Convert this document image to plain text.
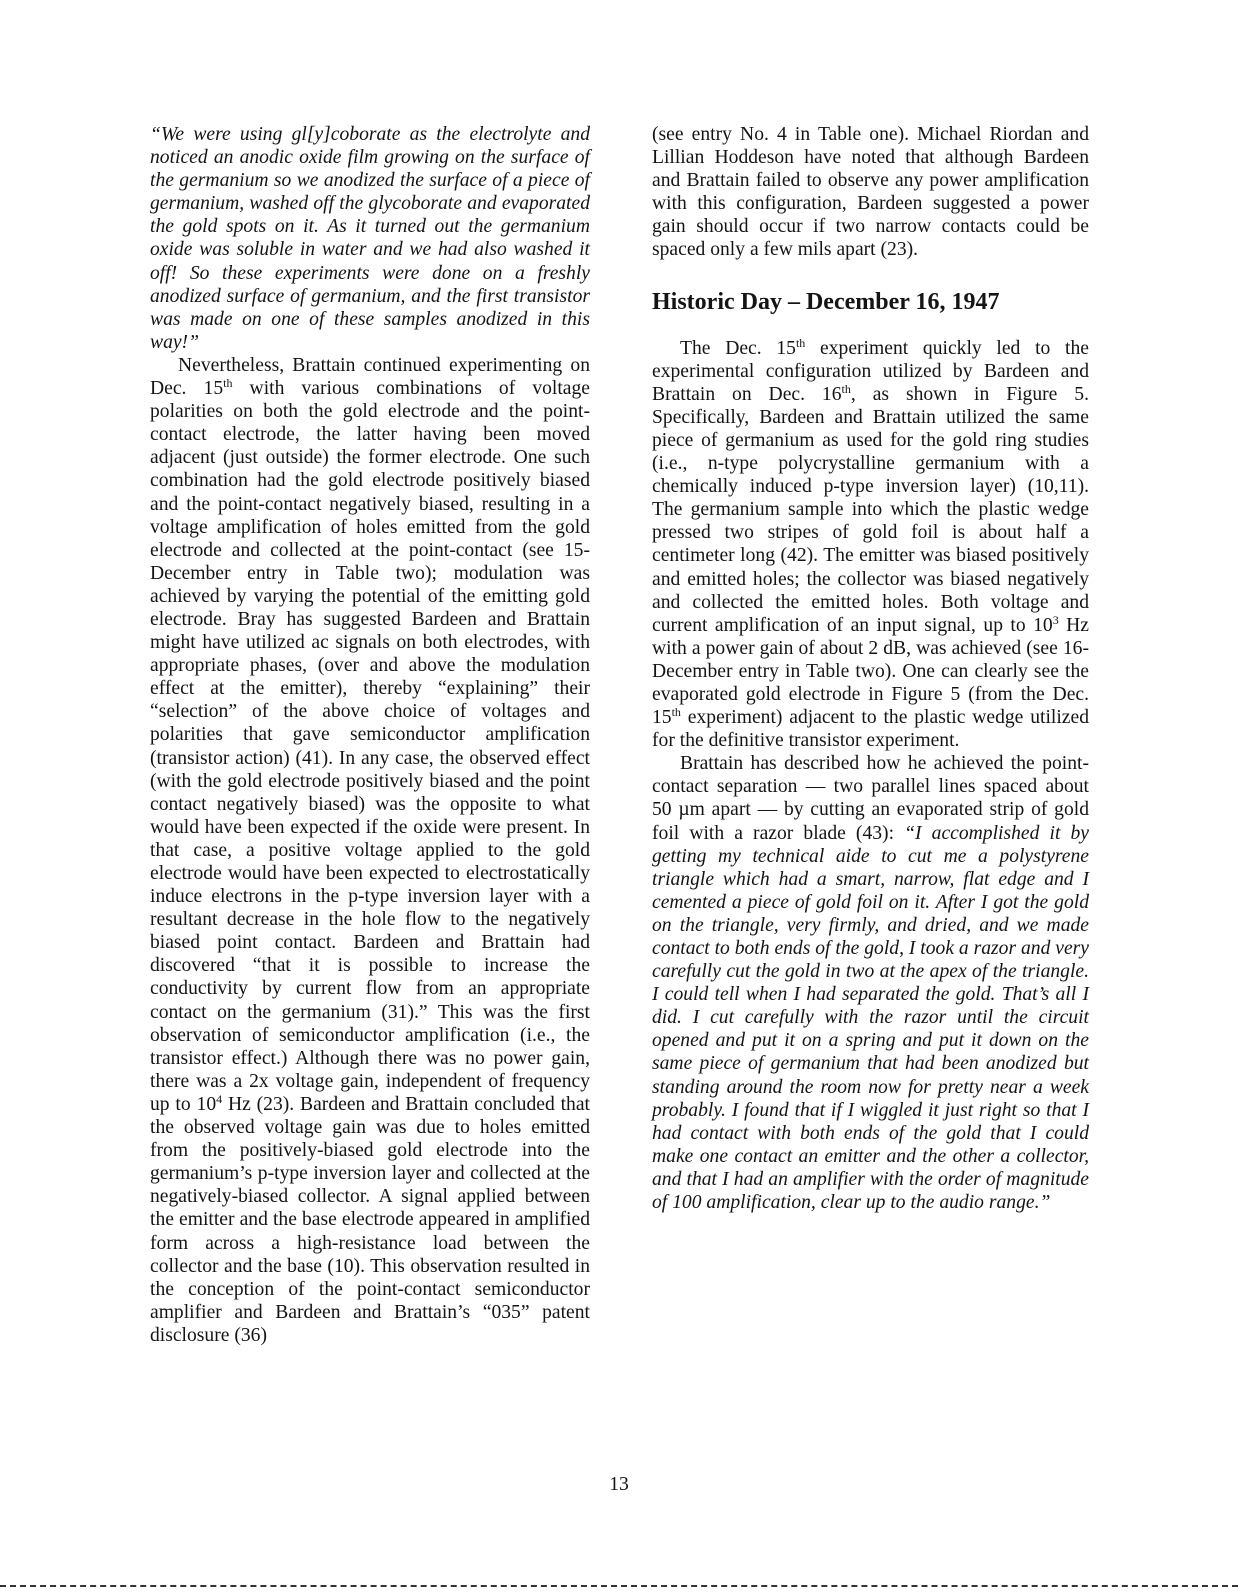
“We were using gl[y]coborate as the electrolyte and noticed an anodic oxide film growing on the surface of the germanium so we anodized the surface of a piece of germanium, washed off the glycoborate and evaporated the gold spots on it. As it turned out the germanium oxide was soluble in water and we had also washed it off! So these experiments were done on a freshly anodized surface of germanium, and the first transistor was made on one of these samples anodized in this way!”

Nevertheless, Brattain continued experimenting on Dec. 15th with various combinations of voltage polarities on both the gold electrode and the point-contact electrode, the latter having been moved adjacent (just outside) the former electrode. One such combination had the gold electrode positively biased and the point-contact negatively biased, resulting in a voltage amplification of holes emitted from the gold electrode and collected at the point-contact (see 15-December entry in Table two); modulation was achieved by varying the potential of the emitting gold electrode. Bray has suggested Bardeen and Brattain might have utilized ac signals on both electrodes, with appropriate phases, (over and above the modulation effect at the emitter), thereby “explaining” their “selection” of the above choice of voltages and polarities that gave semiconductor amplification (transistor action) (41). In any case, the observed effect (with the gold electrode positively biased and the point contact negatively biased) was the opposite to what would have been expected if the oxide were present. In that case, a positive voltage applied to the gold electrode would have been expected to electrostatically induce electrons in the p-type inversion layer with a resultant decrease in the hole flow to the negatively biased point contact. Bardeen and Brattain had discovered “that it is possible to increase the conductivity by current flow from an appropriate contact on the germanium (31).” This was the first observation of semiconductor amplification (i.e., the transistor effect.) Although there was no power gain, there was a 2x voltage gain, independent of frequency up to $10^4$ Hz (23). Bardeen and Brattain concluded that the observed voltage gain was due to holes emitted from the positively-biased gold electrode into the germanium’s p-type inversion layer and collected at the negatively-biased collector. A signal applied between the emitter and the base electrode appeared in amplified form across a high-resistance load between the collector and the base (10). This observation resulted in the conception of the point-contact semiconductor amplifier and Bardeen and Brattain’s “035” patent disclosure (36)

(see entry No. 4 in Table one). Michael Riordan and Lillian Hoddeson have noted that although Bardeen and Brattain failed to observe any power amplification with this configuration, Bardeen suggested a power gain should occur if two narrow contacts could be spaced only a few mils apart (23).

Historic Day – December 16, 1947

The Dec. 15th experiment quickly led to the experimental configuration utilized by Bardeen and Brattain on Dec. 16th, as shown in Figure 5. Specifically, Bardeen and Brattain utilized the same piece of germanium as used for the gold ring studies (i.e., n-type polycrystalline germanium with a chemically induced p-type inversion layer) (10,11). The germanium sample into which the plastic wedge pressed two stripes of gold foil is about half a centimeter long (42). The emitter was biased positively and emitted holes; the collector was biased negatively and collected the emitted holes. Both voltage and current amplification of an input signal, up to $10^3$ Hz with a power gain of about 2 dB, was achieved (see 16-December entry in Table two). One can clearly see the evaporated gold electrode in Figure 5 (from the Dec. 15th experiment) adjacent to the plastic wedge utilized for the definitive transistor experiment.

Brattain has described how he achieved the point-contact separation — two parallel lines spaced about 50 µm apart — by cutting an evaporated strip of gold foil with a razor blade (43): “I accomplished it by getting my technical aide to cut me a polystyrene triangle which had a smart, narrow, flat edge and I cemented a piece of gold foil on it. After I got the gold on the triangle, very firmly, and dried, and we made contact to both ends of the gold, I took a razor and very carefully cut the gold in two at the apex of the triangle. I could tell when I had separated the gold. That’s all I did. I cut carefully with the razor until the circuit opened and put it on a spring and put it down on the same piece of germanium that had been anodized but standing around the room now for pretty near a week probably. I found that if I wiggled it just right so that I had contact with both ends of the gold that I could make one contact an emitter and the other a collector, and that I had an amplifier with the order of magnitude of 100 amplification, clear up to the audio range.”

13
